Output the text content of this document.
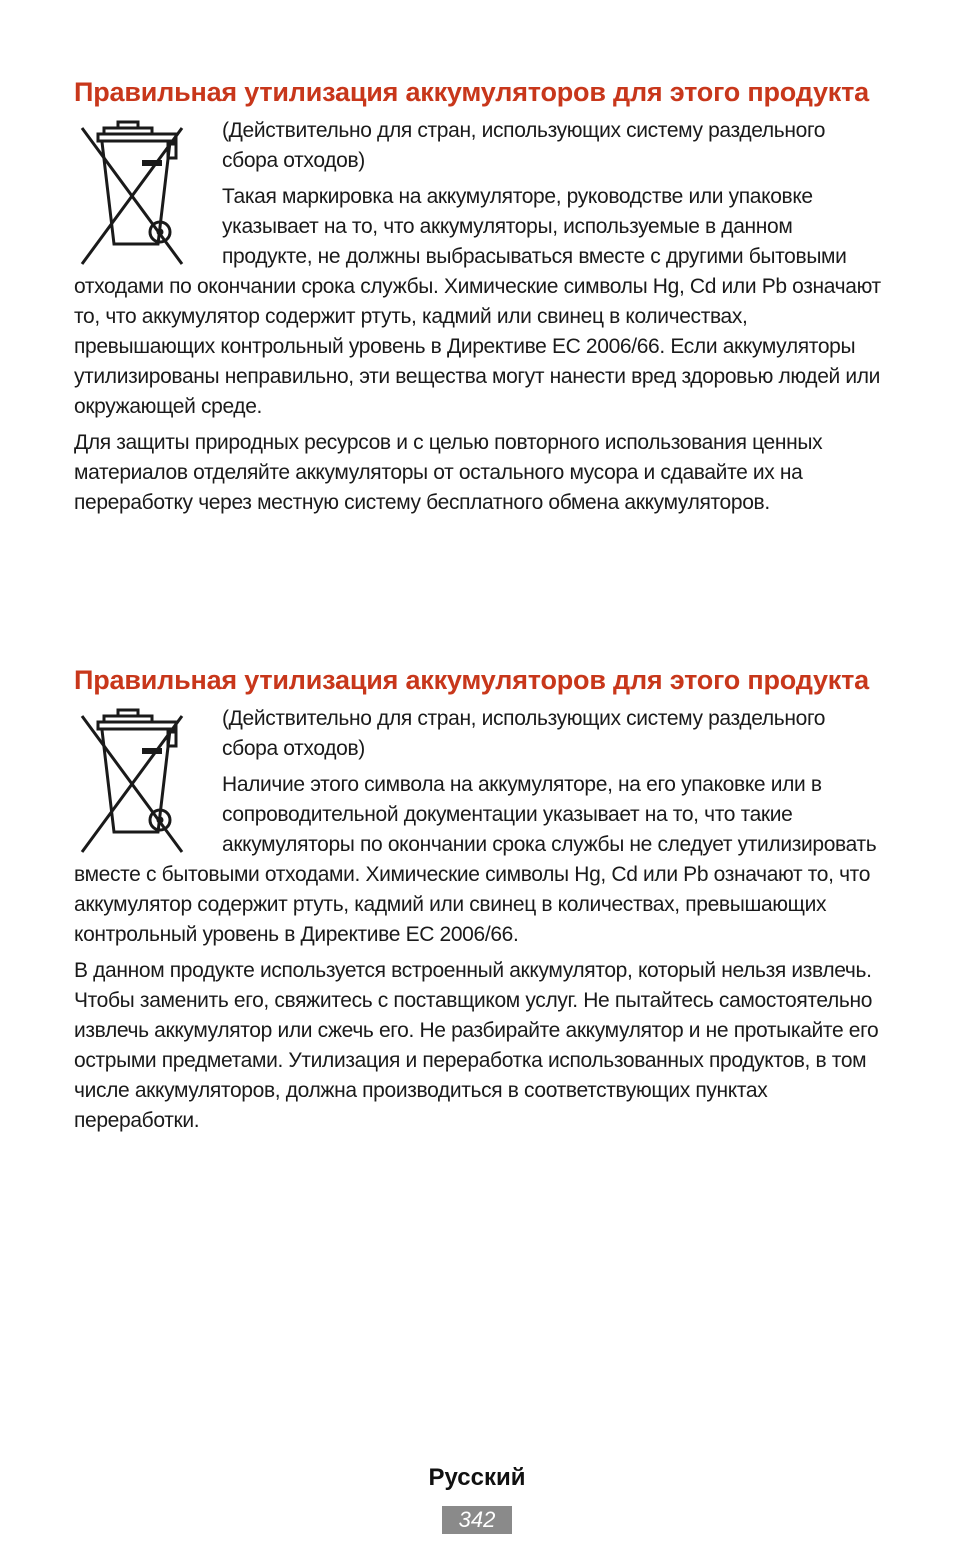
Правильная утилизация аккумуляторов для этого продукта

(Действительно для стран, использующих систему раздельного сбора отходов)

Такая маркировка на аккумуляторе, руководстве или упаковке указывает на то, что аккумуляторы, используемые в данном продукте, не должны выбрасываться вместе с другими бытовыми отходами по окончании срока службы. Химические символы Hg, Cd или Pb означают то, что аккумулятор содержит ртуть, кадмий или свинец в количествах, превышающих контрольный уровень в Директиве ЕС 2006/66. Если аккумуляторы утилизированы неправильно, эти вещества могут нанести вред здоровью людей или окружающей среде.

Для защиты природных ресурсов и с целью повторного использования ценных материалов отделяйте аккумуляторы от остального мусора и сдавайте их на переработку через местную систему бесплатного обмена аккумуляторов.

Правильная утилизация аккумуляторов для этого продукта

(Действительно для стран, использующих систему раздельного сбора отходов)

Наличие этого символа на аккумуляторе, на его упаковке или в сопроводительной документации указывает на то, что такие аккумуляторы по окончании срока службы не следует утилизировать вместе с бытовыми отходами. Химические символы Hg, Cd или Pb означают то, что аккумулятор содержит ртуть, кадмий или свинец в количествах, превышающих контрольный уровень в Директиве ЕС 2006/66.

В данном продукте используется встроенный аккумулятор, который нельзя извлечь. Чтобы заменить его, свяжитесь с поставщиком услуг. Не пытайтесь самостоятельно извлечь аккумулятор или сжечь его. Не разбирайте аккумулятор и не протыкайте его острыми предметами. Утилизация и переработка использованных продуктов, в том числе аккумуляторов, должна производиться в соответствующих пунктах переработки.

Русский
342
